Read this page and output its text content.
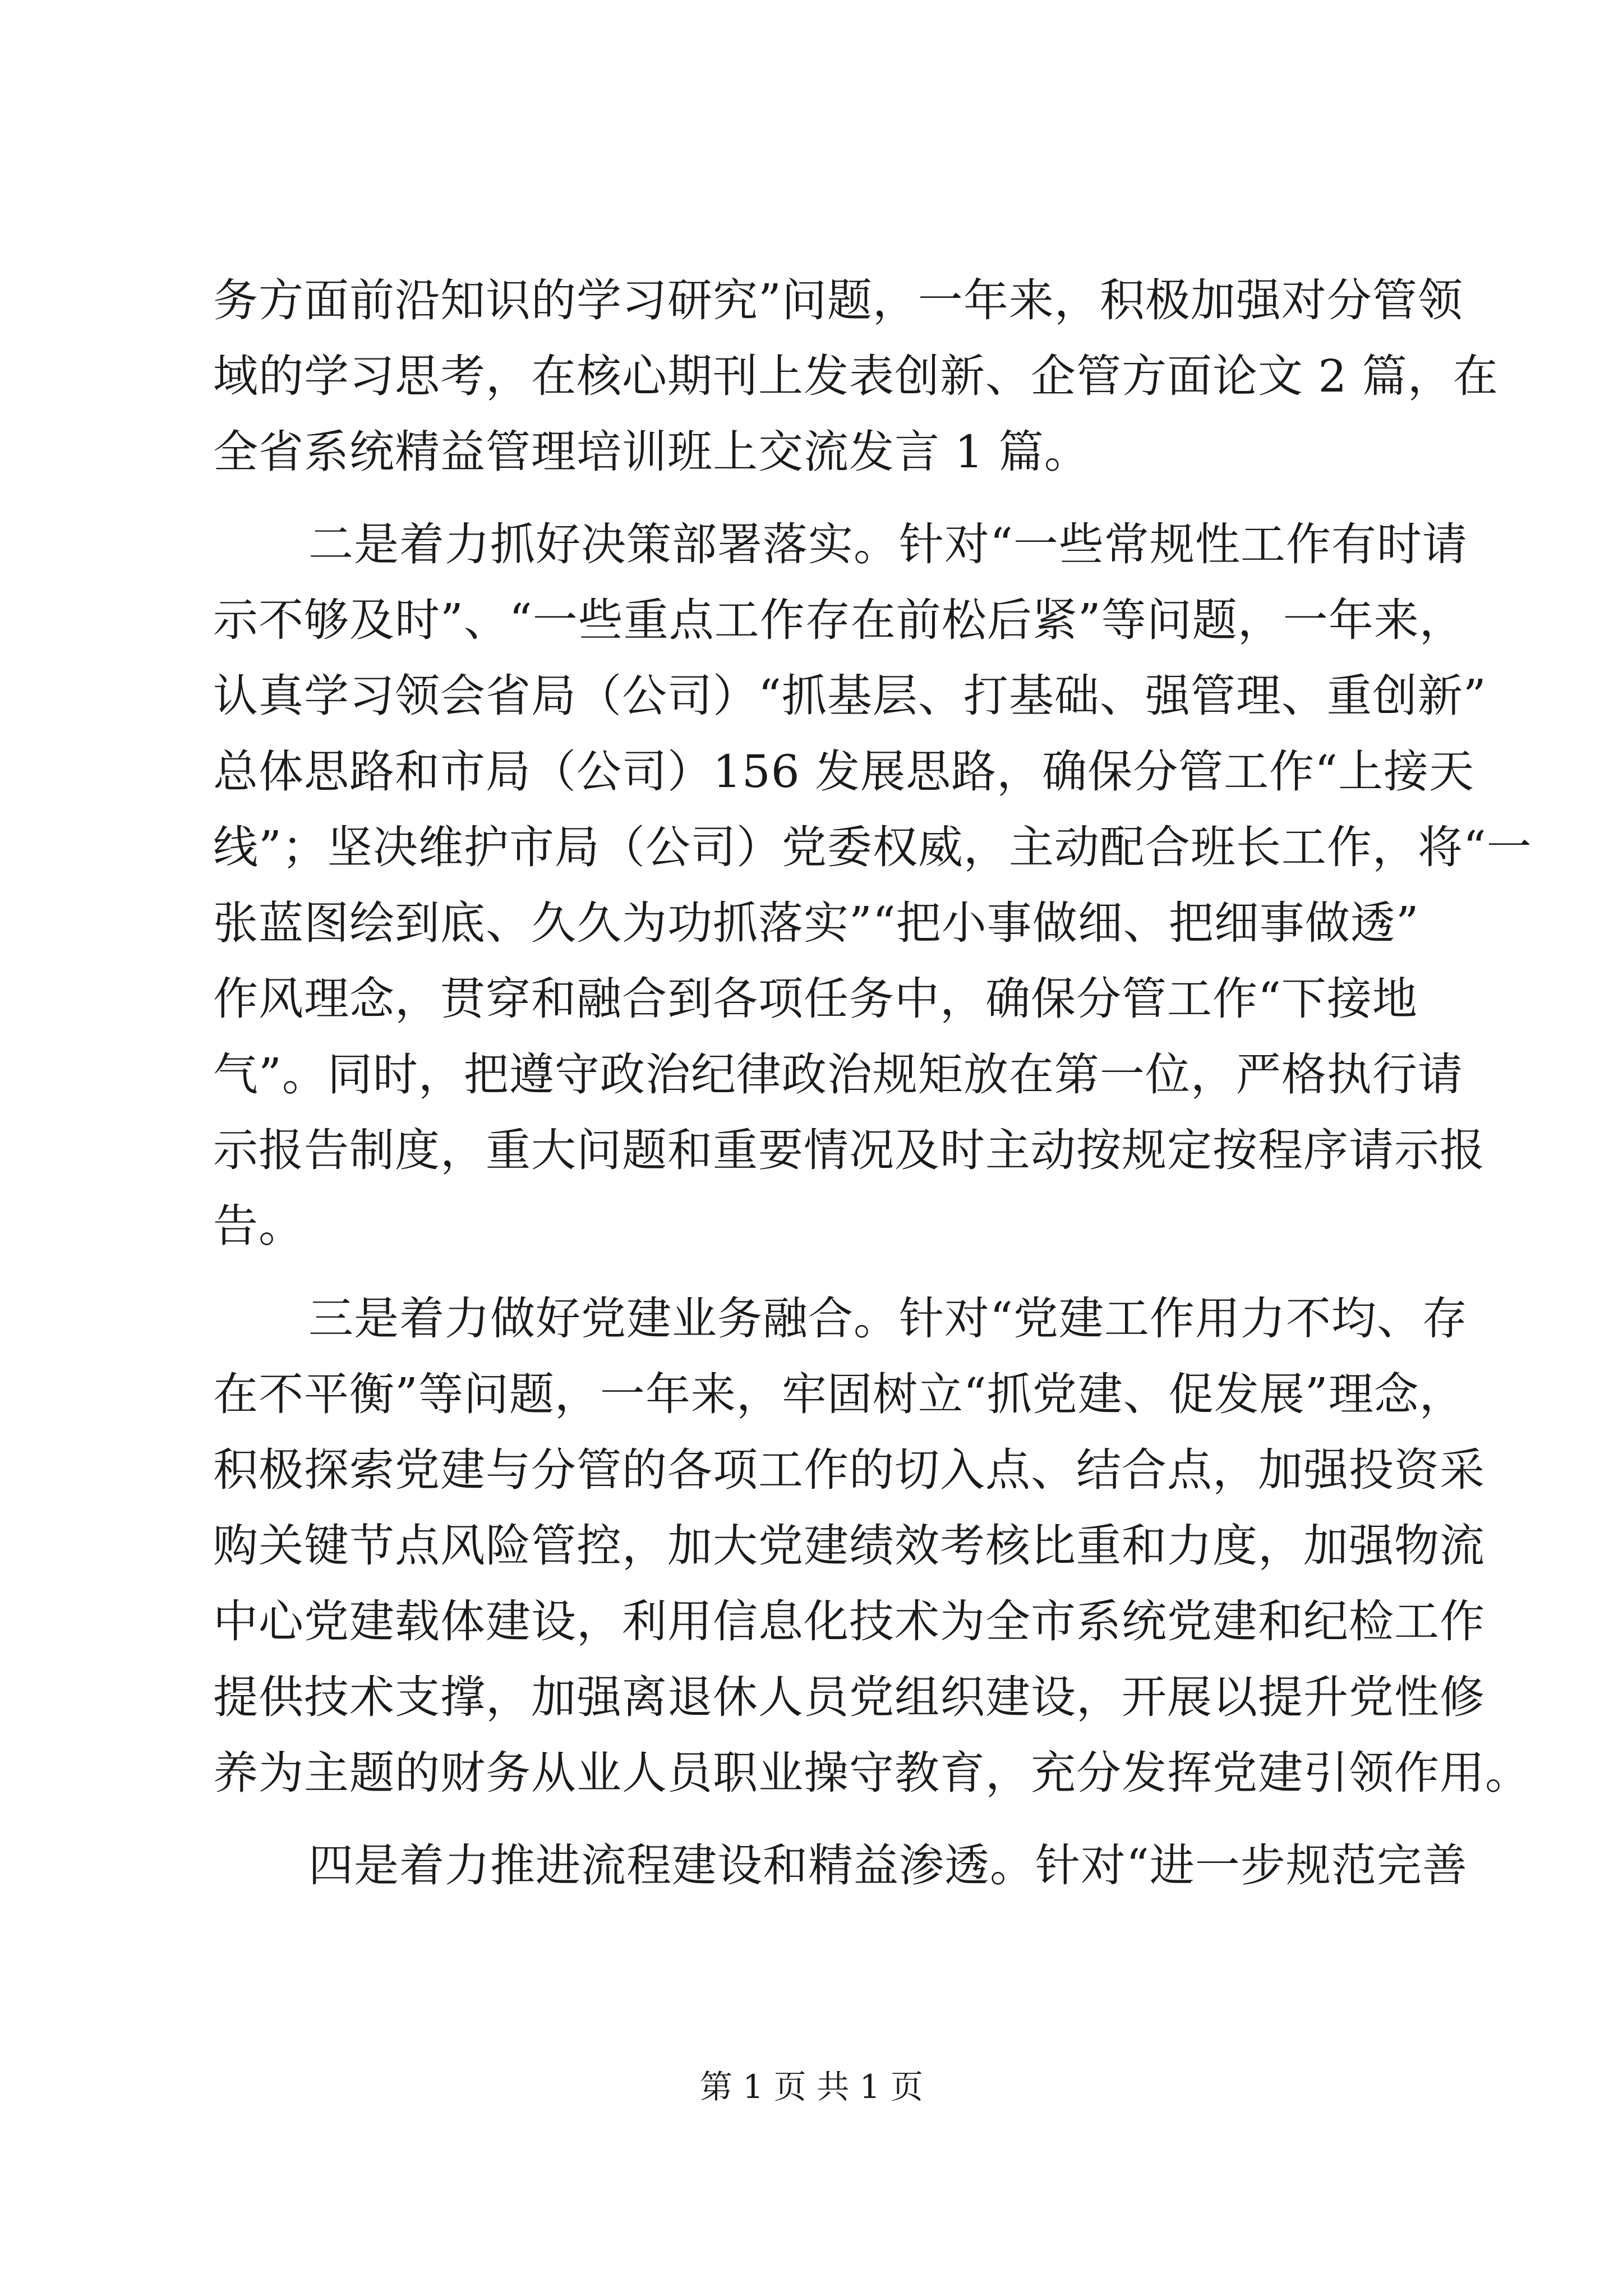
务方面前沿知识的学习研究”问题，一年来，积极加强对分管领
域的学习思考，在核心期刊上发表创新、企管方面论文 2 篇，在
全省系统精益管理培训班上交流发言 1 篇。
二是着力抓好决策部署落实。针对“一些常规性工作有时请
示不够及时”、“一些重点工作存在前松后紧”等问题，一年来，
认真学习领会省局（公司）“抓基层、打基础、强管理、重创新”
总体思路和市局（公司）156 发展思路，确保分管工作“上接天
线”；坚决维护市局（公司）党委权威，主动配合班长工作，将“一
张蓝图绘到底、久久为功抓落实”“把小事做细、把细事做透”
作风理念，贯穿和融合到各项任务中，确保分管工作“下接地
气”。同时，把遵守政治纪律政治规矩放在第一位，严格执行请
示报告制度，重大问题和重要情况及时主动按规定按程序请示报
告。
三是着力做好党建业务融合。针对“党建工作用力不均、存
在不平衡”等问题，一年来，牢固树立“抓党建、促发展”理念，
积极探索党建与分管的各项工作的切入点、结合点，加强投资采
购关键节点风险管控，加大党建绩效考核比重和力度，加强物流
中心党建载体建设，利用信息化技术为全市系统党建和纪检工作
提供技术支撑，加强离退休人员党组织建设，开展以提升党性修
养为主题的财务从业人员职业操守教育，充分发挥党建引领作用。
四是着力推进流程建设和精益渗透。针对“进一步规范完善
第 1 页 共 1 页
